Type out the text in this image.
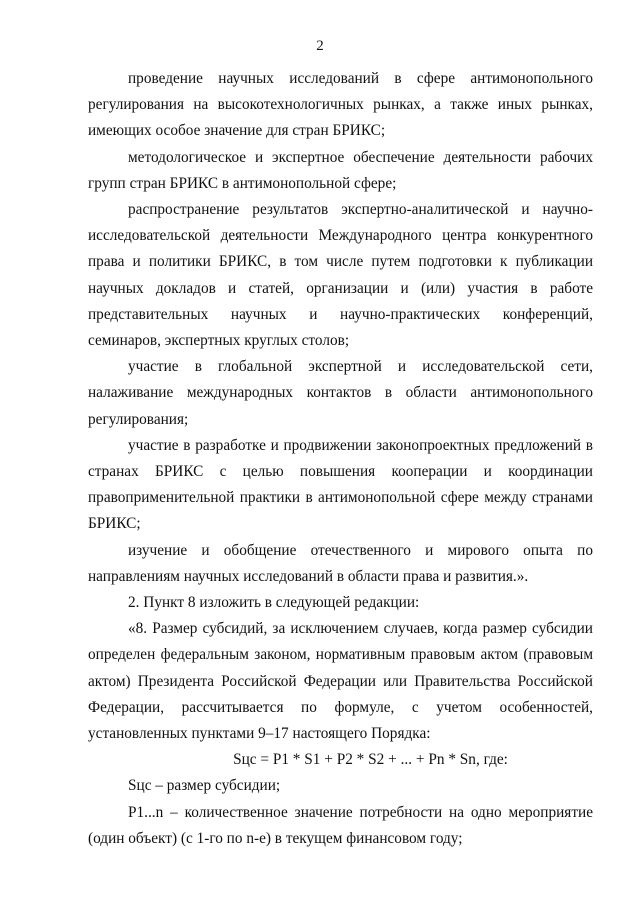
2

проведение научных исследований в сфере антимонопольного регулирования на высокотехнологичных рынках, а также иных рынках, имеющих особое значение для стран БРИКС;

методологическое и экспертное обеспечение деятельности рабочих групп стран БРИКС в антимонопольной сфере;

распространение результатов экспертно-аналитической и научно-исследовательской деятельности Международного центра конкурентного права и политики БРИКС, в том числе путем подготовки к публикации научных докладов и статей, организации и (или) участия в работе представительных научных и научно-практических конференций, семинаров, экспертных круглых столов;

участие в глобальной экспертной и исследовательской сети, налаживание международных контактов в области антимонопольного регулирования;

участие в разработке и продвижении законопроектных предложений в странах БРИКС с целью повышения кооперации и координации правоприменительной практики в антимонопольной сфере между странами БРИКС;

изучение и обобщение отечественного и мирового опыта по направлениям научных исследований в области права и развития.».

2. Пункт 8 изложить в следующей редакции:

«8. Размер субсидий, за исключением случаев, когда размер субсидии определен федеральным законом, нормативным правовым актом (правовым актом) Президента Российской Федерации или Правительства Российской Федерации, рассчитывается по формуле, с учетом особенностей, установленных пунктами 9–17 настоящего Порядка:

Sцс = P1 * S1 + P2 * S2 + ... + Pn * Sn, где:

Sцс – размер субсидии;

P1...n – количественное значение потребности на одно мероприятие (один объект) (с 1-го по n-е) в текущем финансовом году;
